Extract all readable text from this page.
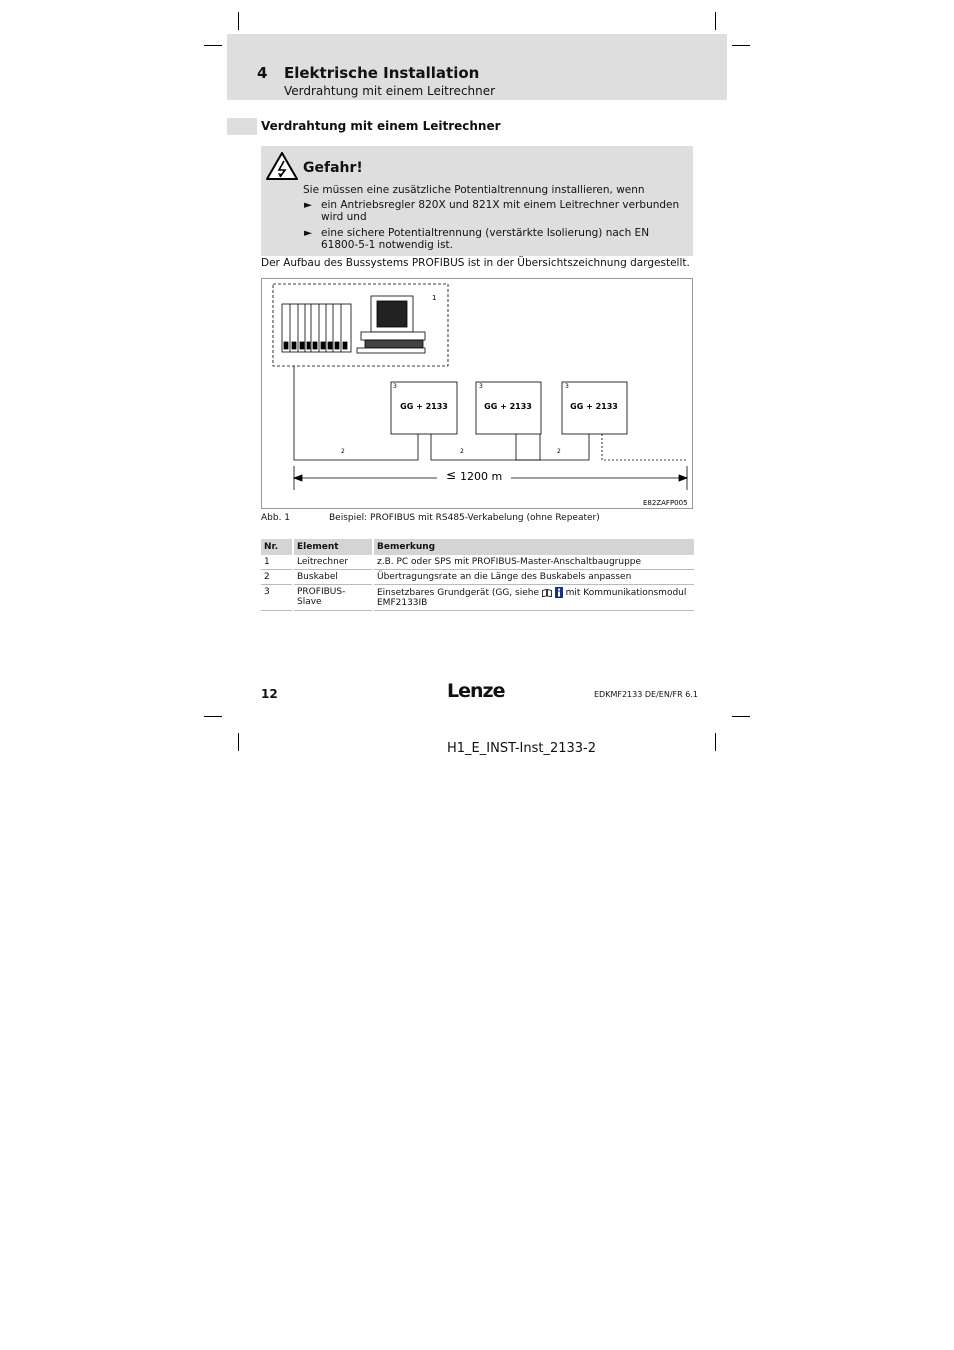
4 Elektrische Installation
Verdrahtung mit einem Leitrechner
Verdrahtung mit einem Leitrechner
Gefahr!
Sie müssen eine zusätzliche Potentialtrennung installieren, wenn
► ein Antriebsregler 820X und 821X mit einem Leitrechner verbunden wird und
► eine sichere Potentialtrennung (verstärkte Isolierung) nach EN 61800-5-1 notwendig ist.
Der Aufbau des Bussystems PROFIBUS ist in der Übersichtszeichnung dargestellt.
1
3
GG + 2133
3
GG + 2133
3
GG + 2133
2	2	2
≤ 1200 m
E82ZAFP005
Abb. 1	Beispiel: PROFIBUS mit RS485-Verkabelung (ohne Repeater)
Nr.	Element	Bemerkung
1	Leitrechner	z.B. PC oder SPS mit PROFIBUS-Master-Anschaltbaugruppe
2	Buskabel	Übertragungsrate an die Länge des Buskabels anpassen
3	PROFIBUS-Slave	Einsetzbares Grundgerät (GG, siehe mit Kommunikationsmodul EMF2133IB
12	Lenze	EDKMF2133 DE/EN/FR 6.1
H1_E_INST-Inst_2133-2
